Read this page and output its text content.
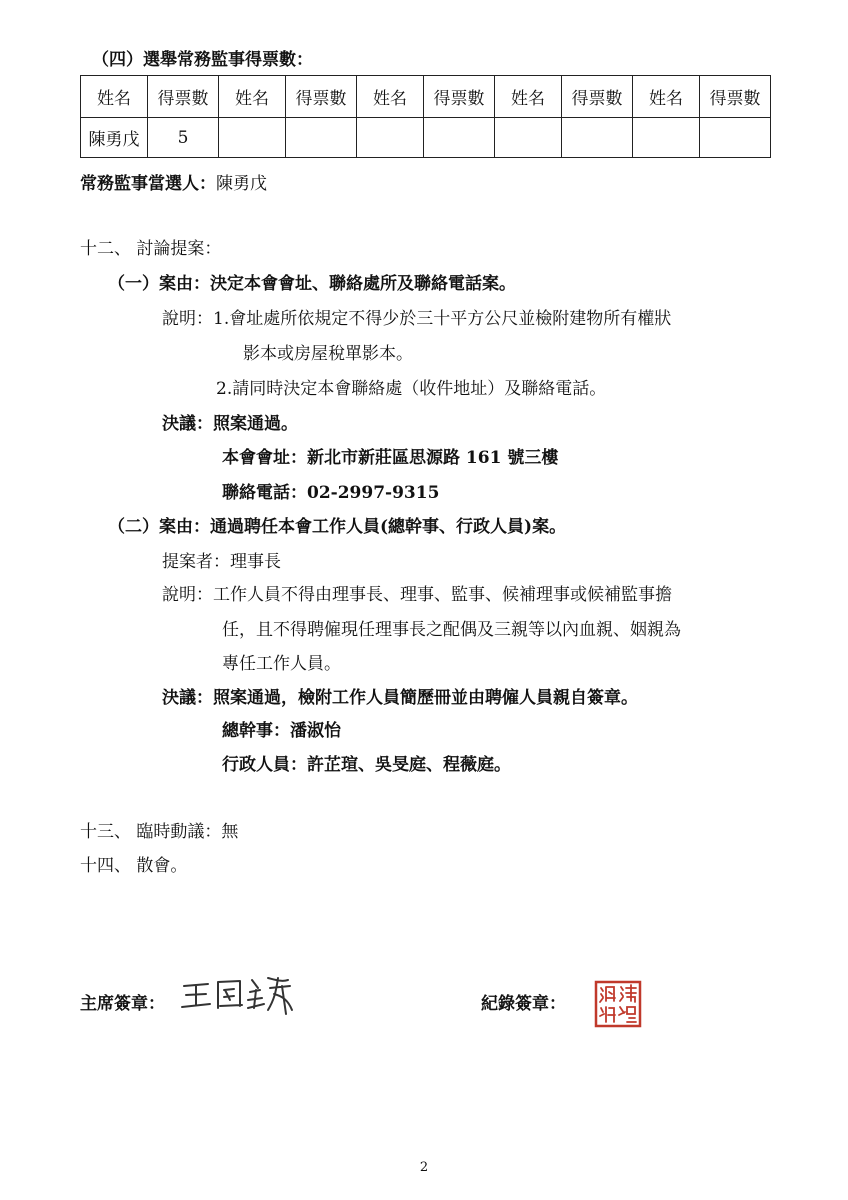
（四）選舉常務監事得票數：
姓名	得票數	姓名	得票數	姓名	得票數	姓名	得票數	姓名	得票數
陳勇戊	5								
常務監事當選人：陳勇戊
十二、 討論提案：
（一）案由：決定本會會址、聯絡處所及聯絡電話案。
說明：1.會址處所依規定不得少於三十平方公尺並檢附建物所有權狀
影本或房屋稅單影本。
2.請同時決定本會聯絡處（收件地址）及聯絡電話。
決議：照案通過。
本會會址：新北市新莊區思源路 161 號三樓
聯絡電話：02-2997-9315
（二）案由：通過聘任本會工作人員(總幹事、行政人員)案。
提案者：理事長
說明：工作人員不得由理事長、理事、監事、候補理事或候補監事擔
任，且不得聘僱現任理事長之配偶及三親等以內血親、姻親為
專任工作人員。
決議：照案通過，檢附工作人員簡歷冊並由聘僱人員親自簽章。
總幹事：潘淑怡
行政人員：許芷瑄、吳旻庭、程薇庭。
十三、 臨時動議：無
十四、 散會。
主席簽章：	紀錄簽章：
2
